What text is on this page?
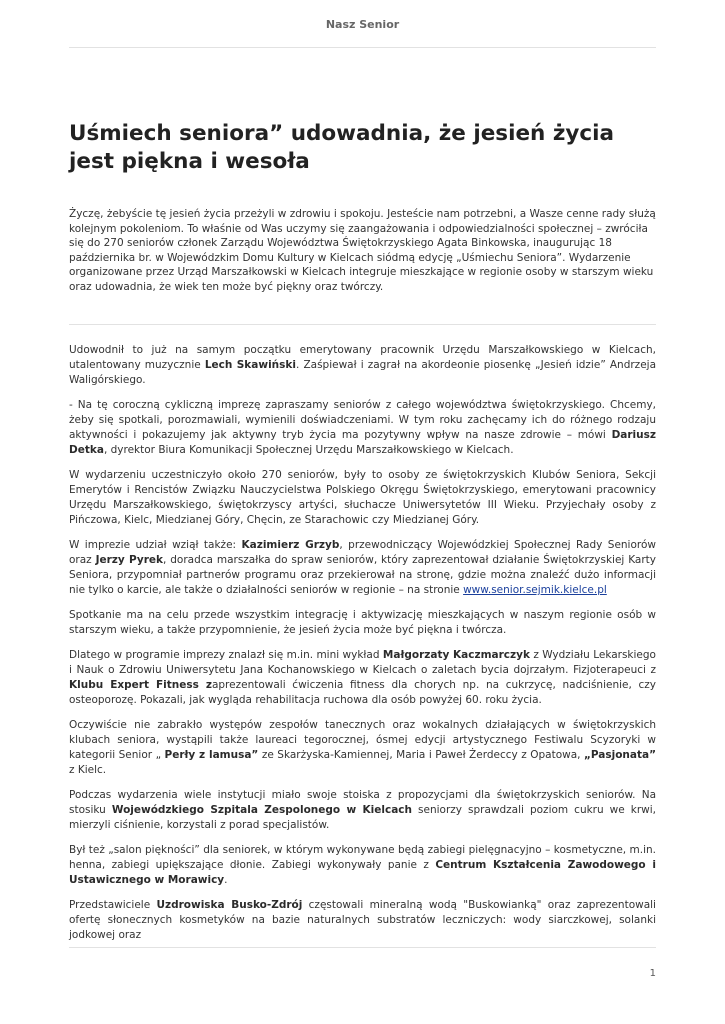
Nasz Senior
Uśmiech seniora” udowadnia, że jesień życia jest piękna i wesoła

Życzę, żebyście tę jesień życia przeżyli w zdrowiu i spokoju. Jesteście nam potrzebni, a Wasze cenne rady służą kolejnym pokoleniom. To właśnie od Was uczymy się zaangażowania i odpowiedzialności społecznej – zwróciła się do 270 seniorów członek Zarządu Województwa Świętokrzyskiego Agata Binkowska, inaugurując 18 października br. w Wojewódzkim Domu Kultury w Kielcach siódmą edycję „Uśmiechu Seniora”. Wydarzenie organizowane przez Urząd Marszałkowski w Kielcach integruje mieszkające w regionie osoby w starszym wieku oraz udowadnia, że wiek ten może być piękny oraz twórczy.

Udowodnił to już na samym początku emerytowany pracownik Urzędu Marszałkowskiego w Kielcach, utalentowany muzycznie Lech Skawiński. Zaśpiewał i zagrał na akordeonie piosenkę „Jesień idzie” Andrzeja Waligórskiego.

- Na tę coroczną cykliczną imprezę zapraszamy seniorów z całego województwa świętokrzyskiego. Chcemy, żeby się spotkali, porozmawiali, wymienili doświadczeniami. W tym roku zachęcamy ich do różnego rodzaju aktywności i pokazujemy jak aktywny tryb życia ma pozytywny wpływ na nasze zdrowie – mówi Dariusz Detka, dyrektor Biura Komunikacji Społecznej Urzędu Marszałkowskiego w Kielcach.

W wydarzeniu uczestniczyło około 270 seniorów, były to osoby ze świętokrzyskich Klubów Seniora, Sekcji Emerytów i Rencistów Związku Nauczycielstwa Polskiego Okręgu Świętokrzyskiego, emerytowani pracownicy Urzędu Marszałkowskiego, świętokrzyscy artyści, słuchacze Uniwersytetów III Wieku. Przyjechały osoby z Pińczowa, Kielc, Miedzianej Góry, Chęcin, ze Starachowic czy Miedzianej Góry.

W imprezie udział wziął także: Kazimierz Grzyb, przewodniczący Wojewódzkiej Społecznej Rady Seniorów oraz Jerzy Pyrek, doradca marszałka do spraw seniorów, który zaprezentował działanie Świętokrzyskiej Karty Seniora, przypomniał partnerów programu oraz przekierował na stronę, gdzie można znaleźć dużo informacji nie tylko o karcie, ale także o działalności seniorów w regionie – na stronie www.senior.sejmik.kielce.pl

Spotkanie ma na celu przede wszystkim integrację i aktywizację mieszkających w naszym regionie osób w starszym wieku, a także przypomnienie, że jesień życia może być piękna i twórcza.

Dlatego w programie imprezy znalazł się m.in. mini wykład Małgorzaty Kaczmarczyk z Wydziału Lekarskiego i Nauk o Zdrowiu Uniwersytetu Jana Kochanowskiego w Kielcach o zaletach bycia dojrzałym. Fizjoterapeuci z Klubu Expert Fitness zaprezentowali ćwiczenia fitness dla chorych np. na cukrzycę, nadciśnienie, czy osteoporozę. Pokazali, jak wygląda rehabilitacja ruchowa dla osób powyżej 60. roku życia.

Oczywiście nie zabrakło występów zespołów tanecznych oraz wokalnych działających w świętokrzyskich klubach seniora, wystąpili także laureaci tegorocznej, ósmej edycji artystycznego Festiwalu Scyzoryki w kategorii Senior „ Perły z lamusa” ze Skarżyska-Kamiennej, Maria i Paweł Żerdeccy z Opatowa, „Pasjonata” z Kielc.

Podczas wydarzenia wiele instytucji miało swoje stoiska z propozycjami dla świętokrzyskich seniorów. Na stosiku Wojewódzkiego Szpitala Zespolonego w Kielcach seniorzy sprawdzali poziom cukru we krwi, mierzyli ciśnienie, korzystali z porad specjalistów.

Był też „salon piękności” dla seniorek, w którym wykonywane będą zabiegi pielęgnacyjno – kosmetyczne, m.in. henna, zabiegi upiększające dłonie. Zabiegi wykonywały panie z Centrum Kształcenia Zawodowego i Ustawicznego w Morawicy.

Przedstawiciele Uzdrowiska Busko-Zdrój częstowali mineralną wodą "Buskowianką" oraz zaprezentowali ofertę słonecznych kosmetyków na bazie naturalnych substratów leczniczych: wody siarczkowej, solanki jodkowej oraz

1
